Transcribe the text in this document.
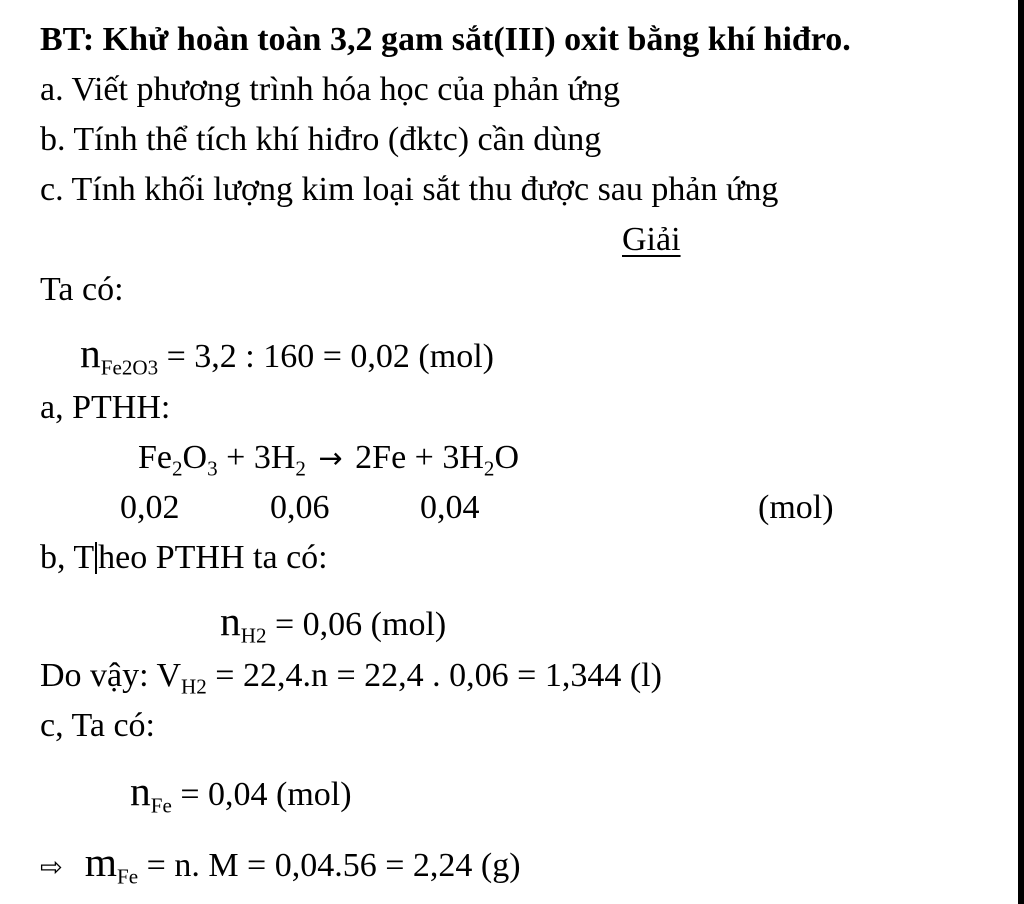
BT: Khử hoàn toàn 3,2 gam sắt(III) oxit bằng khí hiđro.
a. Viết phương trình hóa học của phản ứng
b. Tính thể tích khí hiđro (đktc) cần dùng
c. Tính khối lượng kim loại sắt thu được sau phản ứng
Giải
Ta có:
$n_{Fe2O3} = 3,2$ : 160 = 0,02 (mol)
a, PTHH:
$Fe_2O_3 + 3H_2 \to 2Fe + 3H_2O$
0,02	0,06	0,04	(mol)
b, T heo PTHH ta có:
$n_{H2} = 0,06$ (mol)
Do vậy: $V_{H2} = 22,4.n = 22,4$ . 0,06 = 1,344 (l)
c, Ta có:
$n_{Fe} = 0,04$ (mol)
⇨ $m_{Fe} = n$. M = 0,04.56 = 2,24 (g)
